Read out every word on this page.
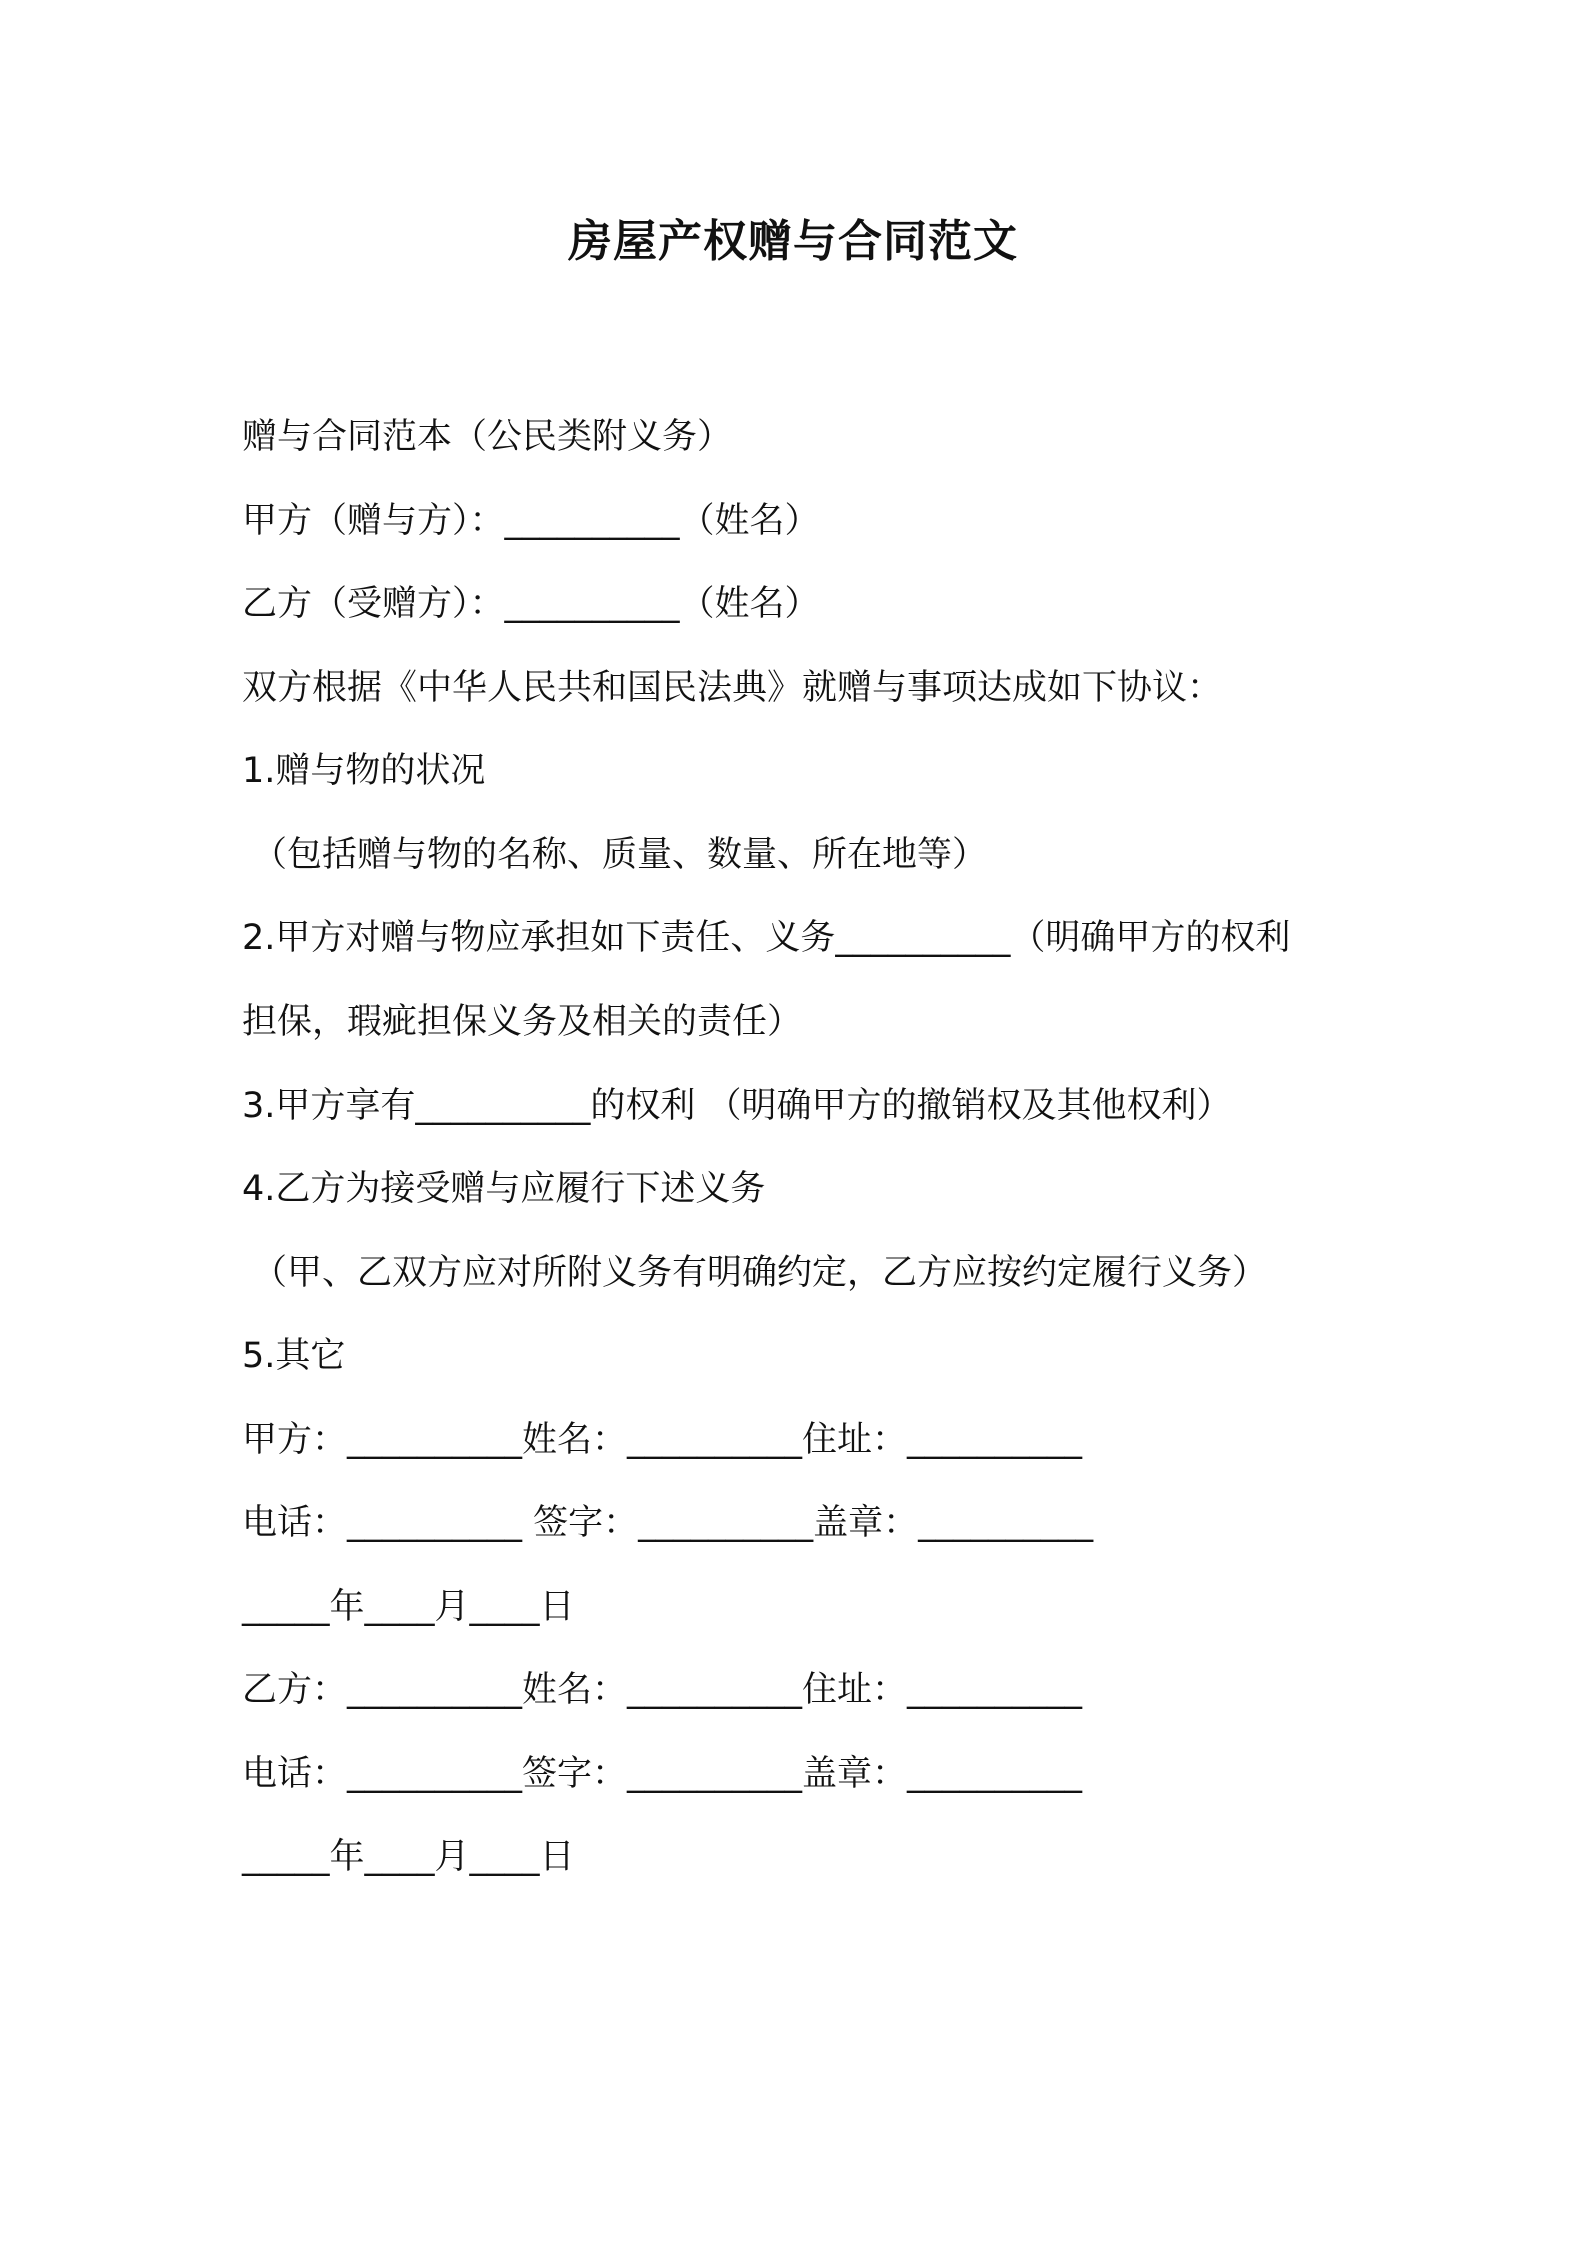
房屋产权赠与合同范文
赠与合同范本（公民类附义务）
甲方（赠与方）：__________（姓名）
乙方（受赠方）：__________（姓名）
双方根据《中华人民共和国民法典》就赠与事项达成如下协议：
1.赠与物的状况
（包括赠与物的名称、质量、数量、所在地等）
2.甲方对赠与物应承担如下责任、义务__________（明确甲方的权利
担保，瑕疵担保义务及相关的责任）
3.甲方享有__________的权利 （明确甲方的撤销权及其他权利）
4.乙方为接受赠与应履行下述义务
（甲、乙双方应对所附义务有明确约定，乙方应按约定履行义务）
5.其它
甲方：__________姓名：__________住址：__________
电话：__________ 签字：__________盖章：__________
_____年____月____日
乙方：__________姓名：__________住址：__________
电话：__________签字：__________盖章：__________
_____年____月____日
